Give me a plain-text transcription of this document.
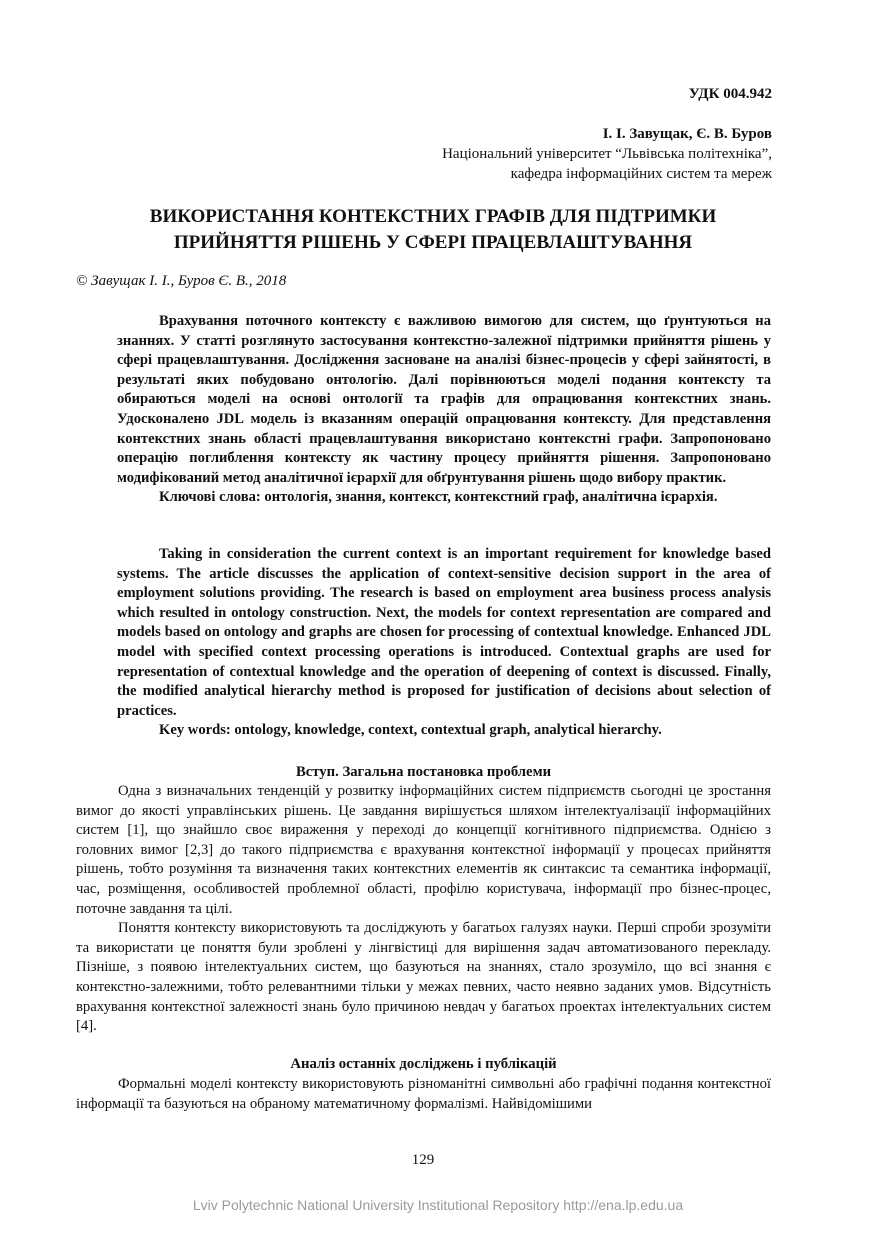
УДК 004.942
І. І. Завущак, Є. В. Буров
Національний університет “Львівська політехніка”,
кафедра інформаційних систем та мереж
ВИКОРИСТАННЯ КОНТЕКСТНИХ ГРАФІВ ДЛЯ ПІДТРИМКИ
ПРИЙНЯТТЯ РІШЕНЬ У СФЕРІ ПРАЦЕВЛАШТУВАННЯ
© Завущак І. І., Буров Є. В., 2018

Врахування поточного контексту є важливою вимогою для систем, що ґрунтуються на знаннях. У статті розглянуто застосування контекстно-залежної підтримки прийняття рішень у сфері працевлаштування. Дослідження засноване на аналізі бізнес-процесів у сфері зайнятості, в результаті яких побудовано онтологію. Далі порівнюються моделі подання контексту та обираються моделі на основі онтології та графів для опрацювання контекстних знань. Удосконалено JDL модель із вказанням операцій опрацювання контексту. Для представлення контекстних знань області працевлаштування використано контекстні графи. Запропоновано операцію поглиблення контексту як частину процесу прийняття рішення. Запропоновано модифікований метод аналітичної ієрархії для обґрунтування рішень щодо вибору практик.

Ключові слова: онтологія, знання, контекст, контекстний граф, аналітична ієрархія.

Taking in consideration the current context is an important requirement for knowledge based systems. The article discusses the application of context-sensitive decision support in the area of employment solutions providing. The research is based on employment area business process analysis which resulted in ontology construction. Next, the models for context representation are compared and models based on ontology and graphs are chosen for processing of contextual knowledge. Enhanced JDL model with specified context processing operations is introduced. Contextual graphs are used for representation of contextual knowledge and the operation of deepening of context is discussed. Finally, the modified analytical hierarchy method is proposed for justification of decisions about selection of practices.

Key words: ontology, knowledge, context, contextual graph, analytical hierarchy.

Вступ. Загальна постановка проблеми

Одна з визначальних тенденцій у розвитку інформаційних систем підприємств сьогодні це зростання вимог до якості управлінських рішень. Це завдання вирішується шляхом інтелектуалізації інформаційних систем [1], що знайшло своє вираження у переході до концепції когнітивного підприємства. Однією з головних вимог [2,3] до такого підприємства є врахування контекстної інформації у процесах прийняття рішень, тобто розуміння та визначення таких контекстних елементів як синтаксис та семантика інформації, час, розміщення, особливостей проблемної області, профілю користувача, інформації про бізнес-процес, поточне завдання та цілі.

Поняття контексту використовують та досліджують у багатьох галузях науки. Перші спроби зрозуміти та використати це поняття були зроблені у лінгвістиці для вирішення задач автоматизованого перекладу. Пізніше, з появою інтелектуальних систем, що базуються на знаннях, стало зрозуміло, що всі знання є контекстно-залежними, тобто релевантними тільки у межах певних, часто неявно заданих умов. Відсутність врахування контекстної залежності знань було причиною невдач у багатьох проектах інтелектуальних систем [4].

Аналіз останніх досліджень і публікацій

Формальні моделі контексту використовують різноманітні символьні або графічні подання контекстної інформації та базуються на обраному математичному формалізмі. Найвідомішими

129
Lviv Polytechnic National University Institutional Repository http://ena.lp.edu.ua
